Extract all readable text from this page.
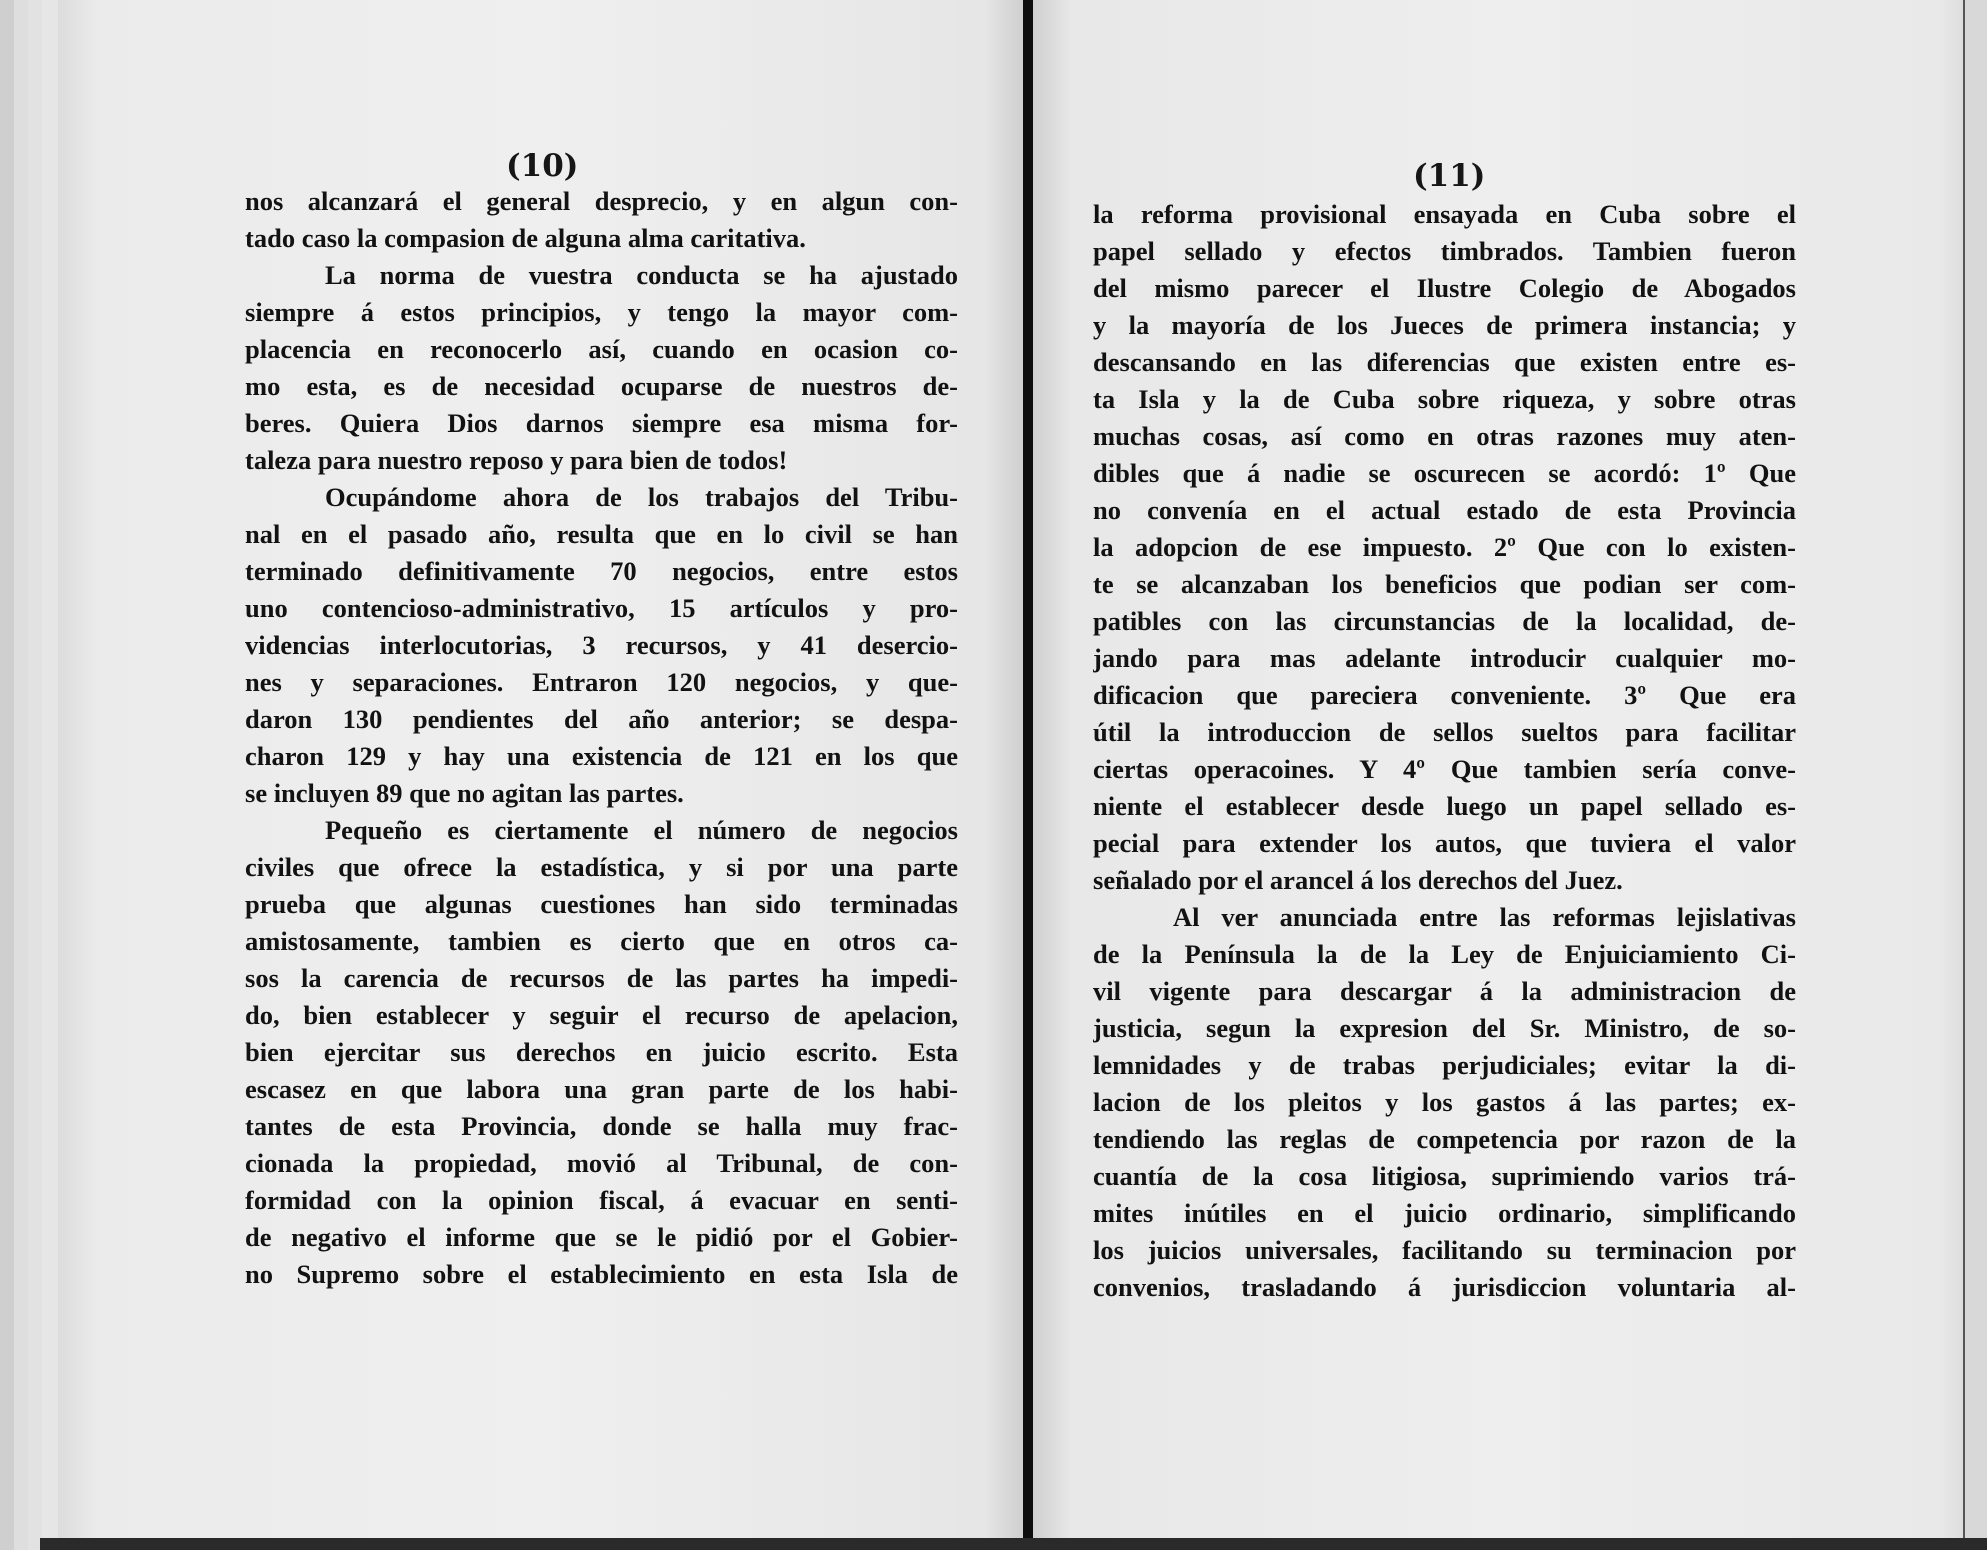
(10)	(11)
nos alcanzará el general desprecio, y en algun con-
tado caso la compasion de alguna alma caritativa.
La norma de vuestra conducta se ha ajustado
siempre á estos principios, y tengo la mayor com-
placencia en reconocerlo así, cuando en ocasion co-
mo esta, es de necesidad ocuparse de nuestros de-
beres. Quiera Dios darnos siempre esa misma for-
taleza para nuestro reposo y para bien de todos!
Ocupándome ahora de los trabajos del Tribu-
nal en el pasado año, resulta que en lo civil se han
terminado definitivamente 70 negocios, entre estos
uno contencioso-administrativo, 15 artículos y pro-
videncias interlocutorias, 3 recursos, y 41 desercio-
nes y separaciones. Entraron 120 negocios, y que-
daron 130 pendientes del año anterior; se despa-
charon 129 y hay una existencia de 121 en los que
se incluyen 89 que no agitan las partes.
Pequeño es ciertamente el número de negocios
civiles que ofrece la estadística, y si por una parte
prueba que algunas cuestiones han sido terminadas
amistosamente, tambien es cierto que en otros ca-
sos la carencia de recursos de las partes ha impedi-
do, bien establecer y seguir el recurso de apelacion,
bien ejercitar sus derechos en juicio escrito. Esta
escasez en que labora una gran parte de los habi-
tantes de esta Provincia, donde se halla muy frac-
cionada la propiedad, movió al Tribunal, de con-
formidad con la opinion fiscal, á evacuar en senti-
de negativo el informe que se le pidió por el Gobier-
no Supremo sobre el establecimiento en esta Isla de
la reforma provisional ensayada en Cuba sobre el
papel sellado y efectos timbrados. Tambien fueron
del mismo parecer el Ilustre Colegio de Abogados
y la mayoría de los Jueces de primera instancia; y
descansando en las diferencias que existen entre es-
ta Isla y la de Cuba sobre riqueza, y sobre otras
muchas cosas, así como en otras razones muy aten-
dibles que á nadie se oscurecen se acordó: 1º Que
no convenía en el actual estado de esta Provincia
la adopcion de ese impuesto. 2º Que con lo existen-
te se alcanzaban los beneficios que podian ser com-
patibles con las circunstancias de la localidad, de-
jando para mas adelante introducir cualquier mo-
dificacion que pareciera conveniente. 3º Que era
útil la introduccion de sellos sueltos para facilitar
ciertas operacoines. Y 4º Que tambien sería conve-
niente el establecer desde luego un papel sellado es-
pecial para extender los autos, que tuviera el valor
señalado por el arancel á los derechos del Juez.
Al ver anunciada entre las reformas lejislativas
de la Península la de la Ley de Enjuiciamiento Ci-
vil vigente para descargar á la administracion de
justicia, segun la expresion del Sr. Ministro, de so-
lemnidades y de trabas perjudiciales; evitar la di-
lacion de los pleitos y los gastos á las partes; ex-
tendiendo las reglas de competencia por razon de la
cuantía de la cosa litigiosa, suprimiendo varios trá-
mites inútiles en el juicio ordinario, simplificando
los juicios universales, facilitando su terminacion por
convenios, trasladando á jurisdiccion voluntaria al-
